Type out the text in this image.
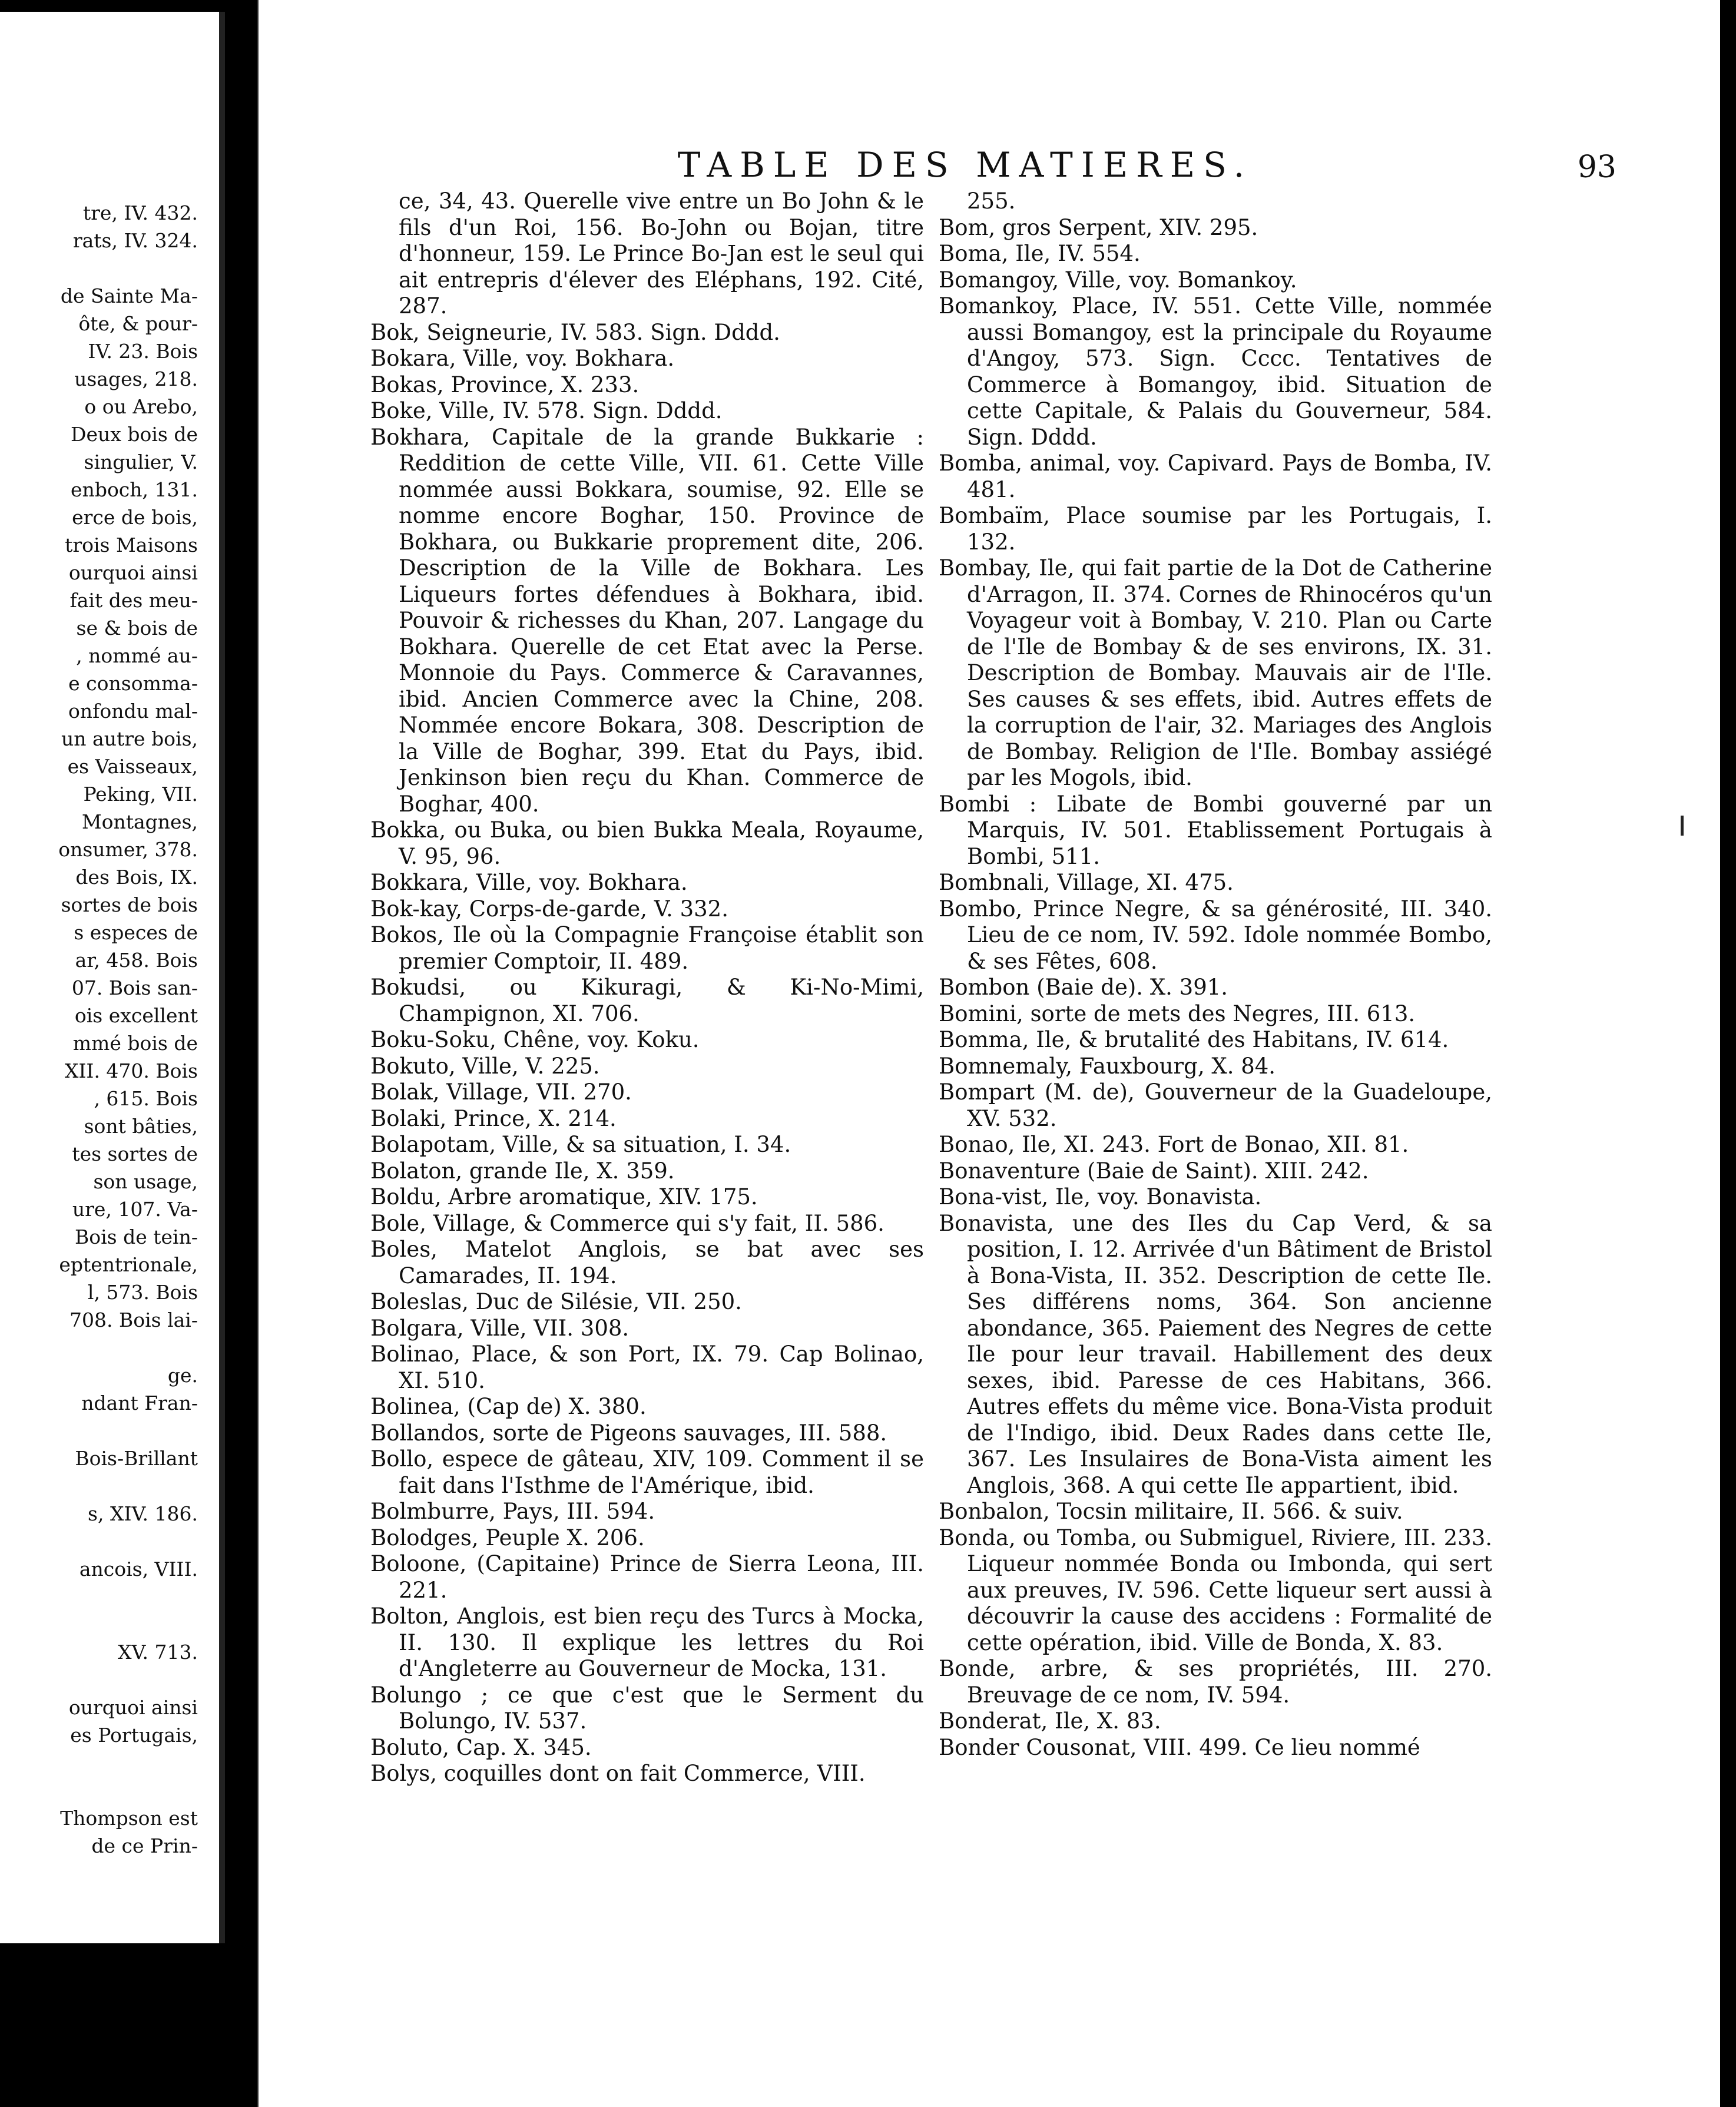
tre, IV. 432.
rats, IV. 324.
de Sainte Ma-
ôte, & pour-
IV. 23. Bois
usages, 218.
o ou Arebo,
Deux bois de
singulier, V.
enboch, 131.
erce de bois,
trois Maisons
ourquoi ainsi
fait des meu-
se & bois de
, nommé au-
e consomma-
onfondu mal-
un autre bois,
es Vaisseaux,
Peking, VII.
Montagnes,
onsumer, 378.
des Bois, IX.
sortes de bois
s especes de
ar, 458. Bois
07. Bois san-
ois excellent
mmé bois de
XII. 470. Bois
, 615. Bois
sont bâties,
tes sortes de
son usage,
ure, 107. Va-
Bois de tein-
eptentrionale,
l, 573. Bois
708. Bois lai-
ge.
ndant Fran-
Bois-Brillant
s, XIV. 186.
ancois, VIII.
XV. 713.
ourquoi ainsi
es Portugais,
Thompson est
de ce Prin-
TABLE DES MATIERES.	93
ce, 34, 43. Querelle vive entre un Bo John & le fils d'un Roi, 156. Bo-John ou Bojan, titre d'honneur, 159. Le Prince Bo-Jan est le seul qui ait entrepris d'élever des Eléphans, 192. Cité, 287.
Bok, Seigneurie, IV. 583. Sign. Dddd.
Bokara, Ville, voy. Bokhara.
Bokas, Province, X. 233.
Boke, Ville, IV. 578. Sign. Dddd.
Bokhara, Capitale de la grande Bukkarie : Reddition de cette Ville, VII. 61. Cette Ville nommée aussi Bokkara, soumise, 92. Elle se nomme encore Boghar, 150. Province de Bokhara, ou Bukkarie proprement dite, 206. Description de la Ville de Bokhara. Les Liqueurs fortes défendues à Bokhara, ibid. Pouvoir & richesses du Khan, 207. Langage du Bokhara. Querelle de cet Etat avec la Perse. Monnoie du Pays. Commerce & Caravannes, ibid. Ancien Commerce avec la Chine, 208. Nommée encore Bokara, 308. Description de la Ville de Boghar, 399. Etat du Pays, ibid. Jenkinson bien reçu du Khan. Commerce de Boghar, 400.
Bokka, ou Buka, ou bien Bukka Meala, Royaume, V. 95, 96.
Bokkara, Ville, voy. Bokhara.
Bok-kay, Corps-de-garde, V. 332.
Bokos, Ile où la Compagnie Françoise établit son premier Comptoir, II. 489.
Bokudsi, ou Kikuragi, & Ki-No-Mimi, Champignon, XI. 706.
Boku-Soku, Chêne, voy. Koku.
Bokuto, Ville, V. 225.
Bolak, Village, VII. 270.
Bolaki, Prince, X. 214.
Bolapotam, Ville, & sa situation, I. 34.
Bolaton, grande Ile, X. 359.
Boldu, Arbre aromatique, XIV. 175.
Bole, Village, & Commerce qui s'y fait, II. 586.
Boles, Matelot Anglois, se bat avec ses Camarades, II. 194.
Boleslas, Duc de Silésie, VII. 250.
Bolgara, Ville, VII. 308.
Bolinao, Place, & son Port, IX. 79. Cap Bolinao, XI. 510.
Bolinea, (Cap de) X. 380.
Bollandos, sorte de Pigeons sauvages, III. 588.
Bollo, espece de gâteau, XIV, 109. Comment il se fait dans l'Isthme de l'Amérique, ibid.
Bolmburre, Pays, III. 594.
Bolodges, Peuple X. 206.
Boloone, (Capitaine) Prince de Sierra Leona, III. 221.
Bolton, Anglois, est bien reçu des Turcs à Mocka, II. 130. Il explique les lettres du Roi d'Angleterre au Gouverneur de Mocka, 131.
Bolungo ; ce que c'est que le Serment du Bolungo, IV. 537.
Boluto, Cap. X. 345.
Bolys, coquilles dont on fait Commerce, VIII.
255.
Bom, gros Serpent, XIV. 295.
Boma, Ile, IV. 554.
Bomangoy, Ville, voy. Bomankoy.
Bomankoy, Place, IV. 551. Cette Ville, nommée aussi Bomangoy, est la principale du Royaume d'Angoy, 573. Sign. Cccc. Tentatives de Commerce à Bomangoy, ibid. Situation de cette Capitale, & Palais du Gouverneur, 584. Sign. Dddd.
Bomba, animal, voy. Capivard. Pays de Bomba, IV. 481.
Bombaïm, Place soumise par les Portugais, I. 132.
Bombay, Ile, qui fait partie de la Dot de Catherine d'Arragon, II. 374. Cornes de Rhinocéros qu'un Voyageur voit à Bombay, V. 210. Plan ou Carte de l'Ile de Bombay & de ses environs, IX. 31. Description de Bombay. Mauvais air de l'Ile. Ses causes & ses effets, ibid. Autres effets de la corruption de l'air, 32. Mariages des Anglois de Bombay. Religion de l'Ile. Bombay assiégé par les Mogols, ibid.
Bombi : Libate de Bombi gouverné par un Marquis, IV. 501. Etablissement Portugais à Bombi, 511.
Bombnali, Village, XI. 475.
Bombo, Prince Negre, & sa générosité, III. 340. Lieu de ce nom, IV. 592. Idole nommée Bombo, & ses Fêtes, 608.
Bombon (Baie de). X. 391.
Bomini, sorte de mets des Negres, III. 613.
Bomma, Ile, & brutalité des Habitans, IV. 614.
Bomnemaly, Fauxbourg, X. 84.
Bompart (M. de), Gouverneur de la Guadeloupe, XV. 532.
Bonao, Ile, XI. 243. Fort de Bonao, XII. 81.
Bonaventure (Baie de Saint). XIII. 242.
Bona-vist, Ile, voy. Bonavista.
Bonavista, une des Iles du Cap Verd, & sa position, I. 12. Arrivée d'un Bâtiment de Bristol à Bona-Vista, II. 352. Description de cette Ile. Ses différens noms, 364. Son ancienne abondance, 365. Paiement des Negres de cette Ile pour leur travail. Habillement des deux sexes, ibid. Paresse de ces Habitans, 366. Autres effets du même vice. Bona-Vista produit de l'Indigo, ibid. Deux Rades dans cette Ile, 367. Les Insulaires de Bona-Vista aiment les Anglois, 368. A qui cette Ile appartient, ibid.
Bonbalon, Tocsin militaire, II. 566. & suiv.
Bonda, ou Tomba, ou Submiguel, Riviere, III. 233. Liqueur nommée Bonda ou Imbonda, qui sert aux preuves, IV. 596. Cette liqueur sert aussi à découvrir la cause des accidens : Formalité de cette opération, ibid. Ville de Bonda, X. 83.
Bonde, arbre, & ses propriétés, III. 270. Breuvage de ce nom, IV. 594.
Bonderat, Ile, X. 83.
Bonder Cousonat, VIII. 499. Ce lieu nommé
